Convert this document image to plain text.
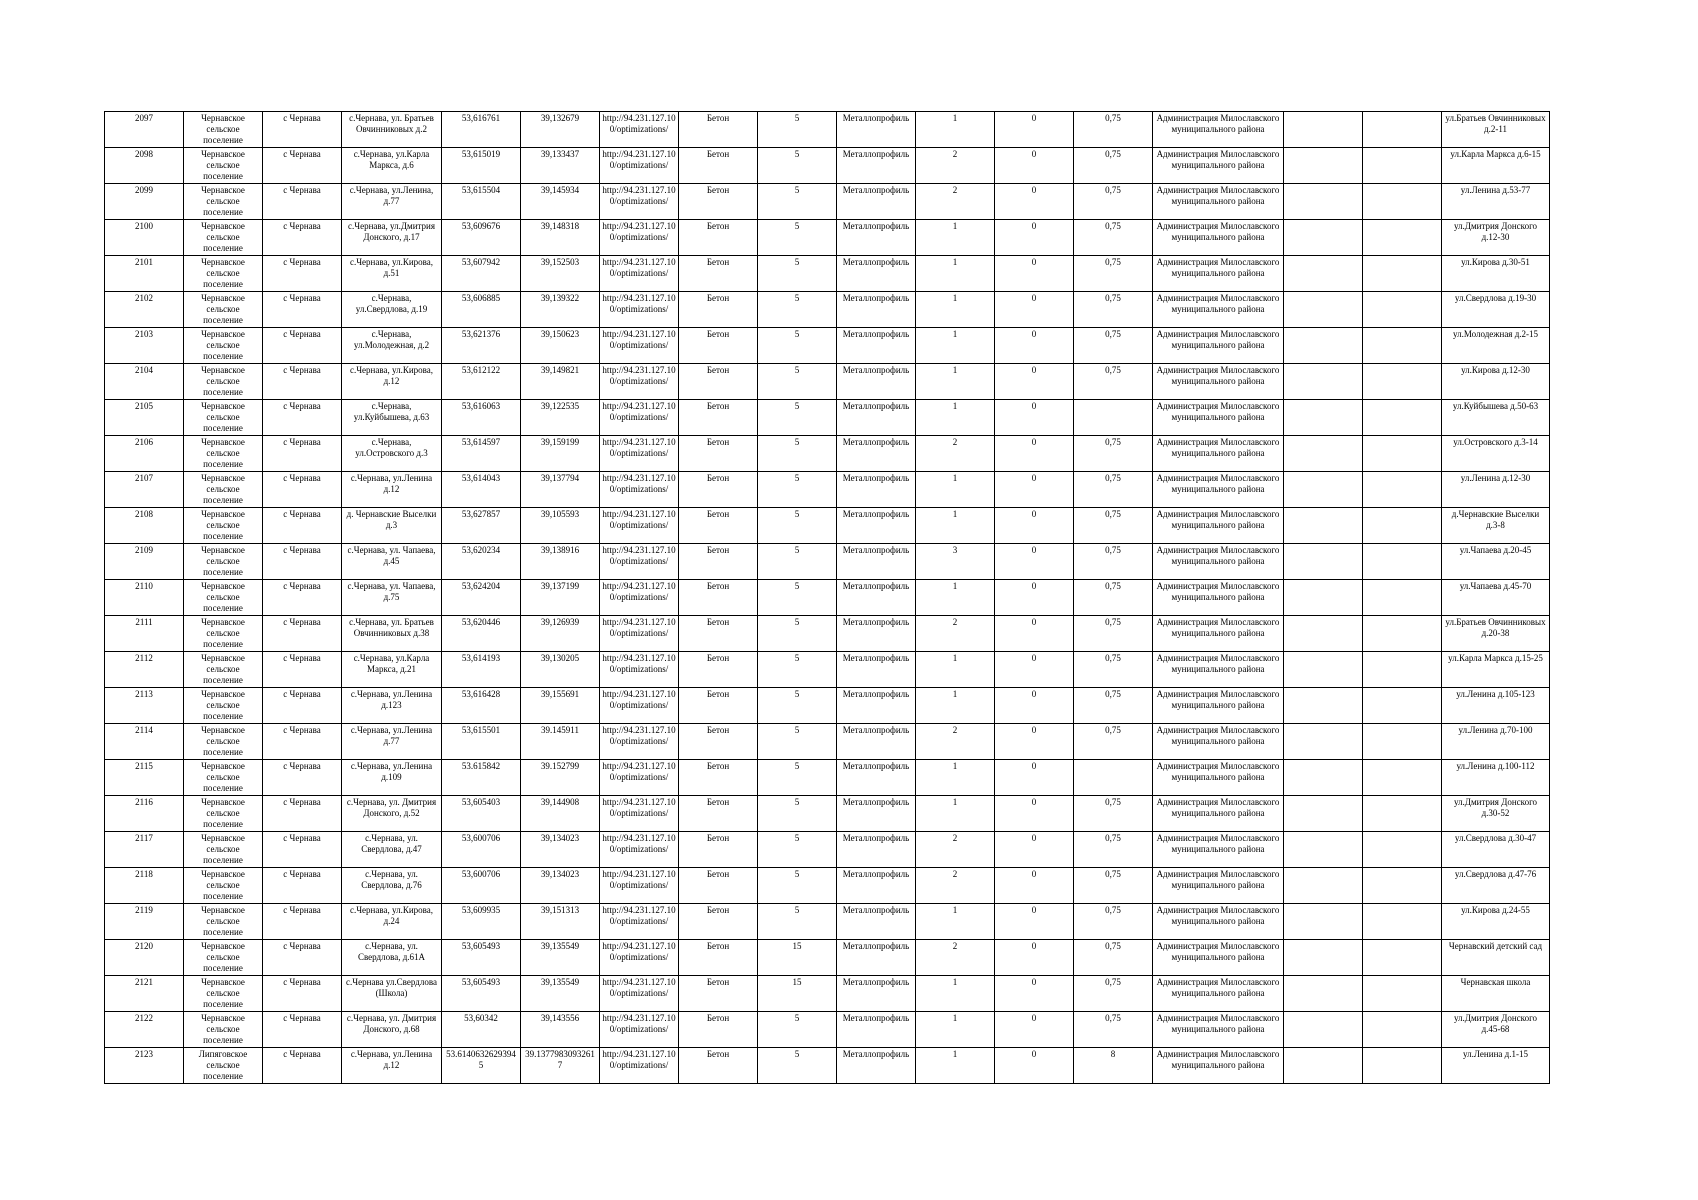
2097	Чернавское сельское поселение	с Чернава	с.Чернава, ул. Братьев Овчинниковых д.2	53,616761	39,132679	http://94.231.127.10 0/optimizations/	Бетон	5	Металлопрофиль	1	0	0,75	Администрация Милославского муниципального района			ул.Братьев Овчинниковых д.2-11
2098	Чернавское сельское поселение	с Чернава	с.Чернава, ул.Карла Маркса, д.6	53,615019	39,133437	http://94.231.127.10 0/optimizations/	Бетон	5	Металлопрофиль	2	0	0,75	Администрация Милославского муниципального района			ул.Карла Маркса д.6-15
2099	Чернавское сельское поселение	с Чернава	с.Чернава, ул.Ленина, д.77	53,615504	39,145934	http://94.231.127.10 0/optimizations/	Бетон	5	Металлопрофиль	2	0	0,75	Администрация Милославского муниципального района			ул.Ленина д.53-77
2100	Чернавское сельское поселение	с Чернава	с.Чернава, ул.Дмитрия Донского, д.17	53,609676	39,148318	http://94.231.127.10 0/optimizations/	Бетон	5	Металлопрофиль	1	0	0,75	Администрация Милославского муниципального района			ул.Дмитрия Донского д.12-30
2101	Чернавское сельское поселение	с Чернава	с.Чернава, ул.Кирова, д.51	53,607942	39,152503	http://94.231.127.10 0/optimizations/	Бетон	5	Металлопрофиль	1	0	0,75	Администрация Милославского муниципального района			ул.Кирова д.30-51
2102	Чернавское сельское поселение	с Чернава	с.Чернава, ул.Свердлова, д.19	53,606885	39,139322	http://94.231.127.10 0/optimizations/	Бетон	5	Металлопрофиль	1	0	0,75	Администрация Милославского муниципального района			ул.Свердлова д.19-30
2103	Чернавское сельское поселение	с Чернава	с.Чернава, ул.Молодежная, д.2	53,621376	39,150623	http://94.231.127.10 0/optimizations/	Бетон	5	Металлопрофиль	1	0	0,75	Администрация Милославского муниципального района			ул.Молодежная д.2-15
2104	Чернавское сельское поселение	с Чернава	с.Чернава, ул.Кирова, д.12	53,612122	39,149821	http://94.231.127.10 0/optimizations/	Бетон	5	Металлопрофиль	1	0	0,75	Администрация Милославского муниципального района			ул.Кирова д.12-30
2105	Чернавское сельское поселение	с Чернава	с.Чернава, ул.Куйбышева, д.63	53,616063	39,122535	http://94.231.127.10 0/optimizations/	Бетон	5	Металлопрофиль	1	0		Администрация Милославского муниципального района			ул.Куйбышева д.50-63
2106	Чернавское сельское поселение	с Чернава	с.Чернава, ул.Островского д.3	53,614597	39,159199	http://94.231.127.10 0/optimizations/	Бетон	5	Металлопрофиль	2	0	0,75	Администрация Милославского муниципального района			ул.Островского д.3-14
2107	Чернавское сельское поселение	с Чернава	с.Чернава, ул.Ленина д.12	53,614043	39,137794	http://94.231.127.10 0/optimizations/	Бетон	5	Металлопрофиль	1	0	0,75	Администрация Милославского муниципального района			ул.Ленина д.12-30
2108	Чернавское сельское поселение	с Чернава	д. Чернавские Выселки д.3	53,627857	39,105593	http://94.231.127.10 0/optimizations/	Бетон	5	Металлопрофиль	1	0	0,75	Администрация Милославского муниципального района			д.Чернавские Выселки д.3-8
2109	Чернавское сельское поселение	с Чернава	с.Чернава, ул. Чапаева, д.45	53,620234	39,138916	http://94.231.127.10 0/optimizations/	Бетон	5	Металлопрофиль	3	0	0,75	Администрация Милославского муниципального района			ул.Чапаева д.20-45
2110	Чернавское сельское поселение	с Чернава	с.Чернава, ул. Чапаева, д.75	53,624204	39,137199	http://94.231.127.10 0/optimizations/	Бетон	5	Металлопрофиль	1	0	0,75	Администрация Милославского муниципального района			ул.Чапаева д.45-70
2111	Чернавское сельское поселение	с Чернава	с.Чернава, ул. Братьев Овчинниковых д.38	53,620446	39,126939	http://94.231.127.10 0/optimizations/	Бетон	5	Металлопрофиль	2	0	0,75	Администрация Милославского муниципального района			ул.Братьев Овчинниковых д.20-38
2112	Чернавское сельское поселение	с Чернава	с.Чернава, ул.Карла Маркса, д.21	53,614193	39,130205	http://94.231.127.10 0/optimizations/	Бетон	5	Металлопрофиль	1	0	0,75	Администрация Милославского муниципального района			ул.Карла Маркса д.15-25
2113	Чернавское сельское поселение	с Чернава	с.Чернава, ул.Ленина д.123	53,616428	39,155691	http://94.231.127.10 0/optimizations/	Бетон	5	Металлопрофиль	1	0	0,75	Администрация Милославского муниципального района			ул.Ленина д.105-123
2114	Чернавское сельское поселение	с Чернава	с.Чернава, ул.Ленина д.77	53,615501	39.145911	http://94.231.127.10 0/optimizations/	Бетон	5	Металлопрофиль	2	0	0,75	Администрация Милославского муниципального района			ул.Ленина д.70-100
2115	Чернавское сельское поселение	с Чернава	с.Чернава, ул.Ленина д.109	53.615842	39.152799	http://94.231.127.10 0/optimizations/	Бетон	5	Металлопрофиль	1	0		Администрация Милославского муниципального района			ул.Ленина д.100-112
2116	Чернавское сельское поселение	с Чернава	с.Чернава, ул. Дмитрия Донского, д.52	53,605403	39,144908	http://94.231.127.10 0/optimizations/	Бетон	5	Металлопрофиль	1	0	0,75	Администрация Милославского муниципального района			ул.Дмитрия Донского д.30-52
2117	Чернавское сельское поселение	с Чернава	с.Чернава, ул. Свердлова, д.47	53,600706	39,134023	http://94.231.127.10 0/optimizations/	Бетон	5	Металлопрофиль	2	0	0,75	Администрация Милославского муниципального района			ул.Свердлова д.30-47
2118	Чернавское сельское поселение	с Чернава	с.Чернава, ул. Свердлова, д.76	53,600706	39,134023	http://94.231.127.10 0/optimizations/	Бетон	5	Металлопрофиль	2	0	0,75	Администрация Милославского муниципального района			ул.Свердлова д.47-76
2119	Чернавское сельское поселение	с Чернава	с.Чернава, ул.Кирова, д.24	53,609935	39,151313	http://94.231.127.10 0/optimizations/	Бетон	5	Металлопрофиль	1	0	0,75	Администрация Милославского муниципального района			ул.Кирова д.24-55
2120	Чернавское сельское поселение	с Чернава	с.Чернава, ул. Свердлова, д.61А	53,605493	39,135549	http://94.231.127.10 0/optimizations/	Бетон	15	Металлопрофиль	2	0	0,75	Администрация Милославского муниципального района			Чернавский детский сад
2121	Чернавское сельское поселение	с Чернава	с.Чернава ул.Свердлова (Школа)	53,605493	39,135549	http://94.231.127.10 0/optimizations/	Бетон	15	Металлопрофиль	1	0	0,75	Администрация Милославского муниципального района			Чернавская школа
2122	Чернавское сельское поселение	с Чернава	с.Чернава, ул. Дмитрия Донского, д.68	53,60342	39,143556	http://94.231.127.10 0/optimizations/	Бетон	5	Металлопрофиль	1	0	0,75	Администрация Милославского муниципального района			ул.Дмитрия Донского д.45-68
2123	Липяговское сельское поселение	с Чернава	с.Чернава, ул.Ленина д.12	53.6140632629394 5	39.1377983093261 7	http://94.231.127.10 0/optimizations/	Бетон	5	Металлопрофиль	1	0	8	Администрация Милославского муниципального района			ул.Ленина д.1-15
